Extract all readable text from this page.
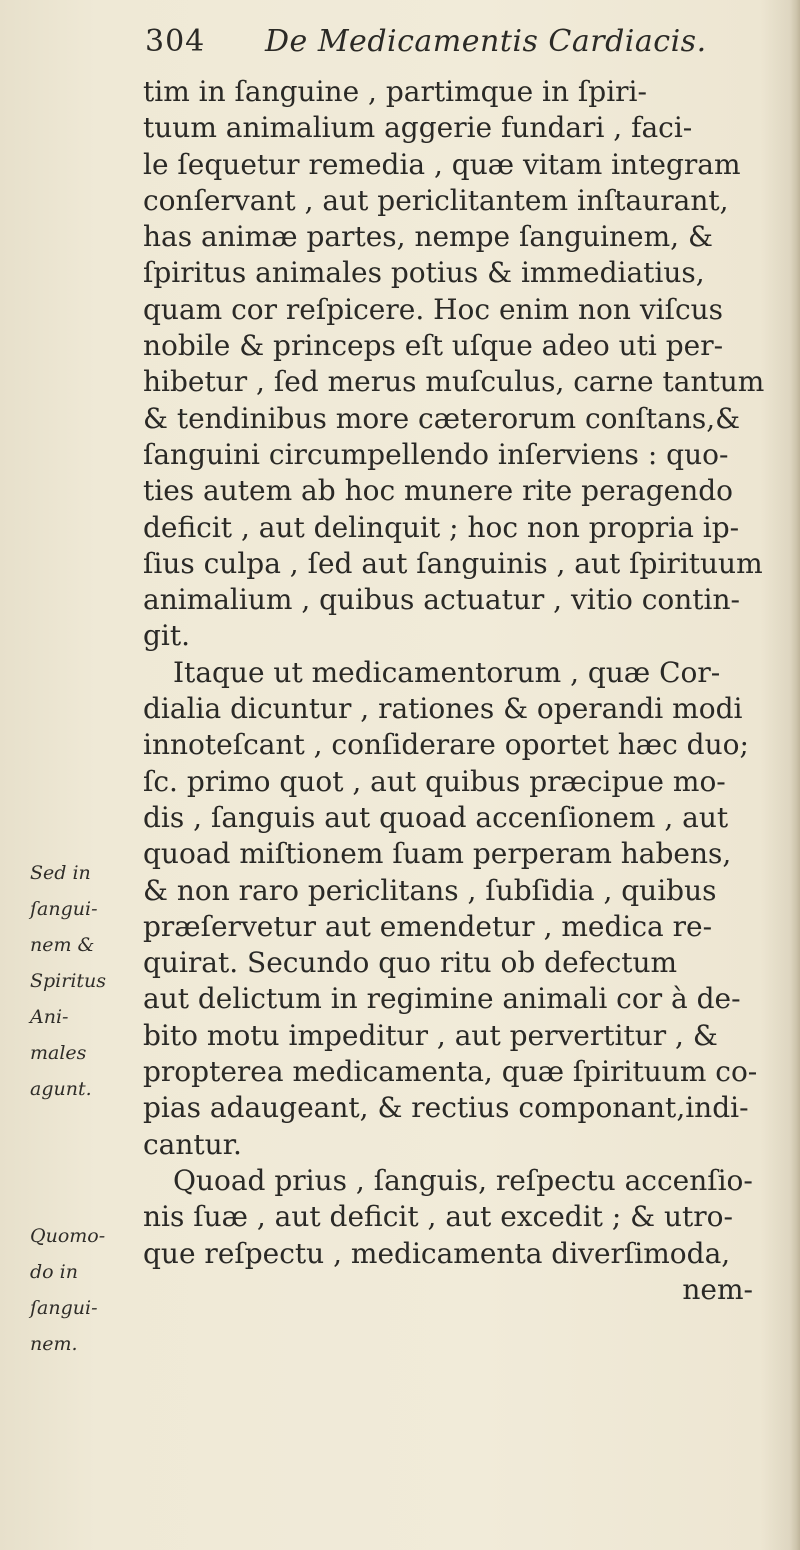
304 De Medicamentis Cardiacis.
tim in ſanguine , partimque in ſpiri-
tuum animalium aggerie fundari , faci-
le ſequetur remedia , quæ vitam integram
conſervant , aut periclitantem inſtaurant,
has animæ partes, nempe ſanguinem, &
ſpiritus animales potius & immediatius,
quam cor reſpicere. Hoc enim non viſcus
nobile & princeps eſt uſque adeo uti per-
hibetur , ſed merus muſculus, carne tantum
& tendinibus more cæterorum conſtans,&
ſanguini circumpellendo inſerviens : quo-
ties autem ab hoc munere rite peragendo
deficit , aut delinquit ; hoc non propria ip-
ſius culpa , ſed aut ſanguinis , aut ſpirituum
animalium , quibus actuatur , vitio contin-
git.
Itaque ut medicamentorum , quæ Cor-
dialia dicuntur , rationes & operandi modi
innoteſcant , conſiderare oportet hæc duo;
ſc. primo quot , aut quibus præcipue mo-
dis , ſanguis aut quoad accenſionem , aut
quoad miſtionem ſuam perperam habens,
& non raro periclitans , ſubſidia , quibus
præſervetur aut emendetur , medica re-
quirat. Secundo quo ritu ob defectum
aut delictum in regimine animali cor à de-
bito motu impeditur , aut pervertitur , &
propterea medicamenta, quæ ſpirituum co-
pias adaugeant, & rectius componant,indi-
cantur.
Quoad prius , ſanguis, reſpectu accenſio-
nis ſuæ , aut deficit , aut excedit ; & utro-
que reſpectu , medicamenta diverſimoda,
nem-
Sed in
ſangui-
nem &
Spiritus
Ani-
males
agunt.
Quomo-
do in
ſangui-
nem.
